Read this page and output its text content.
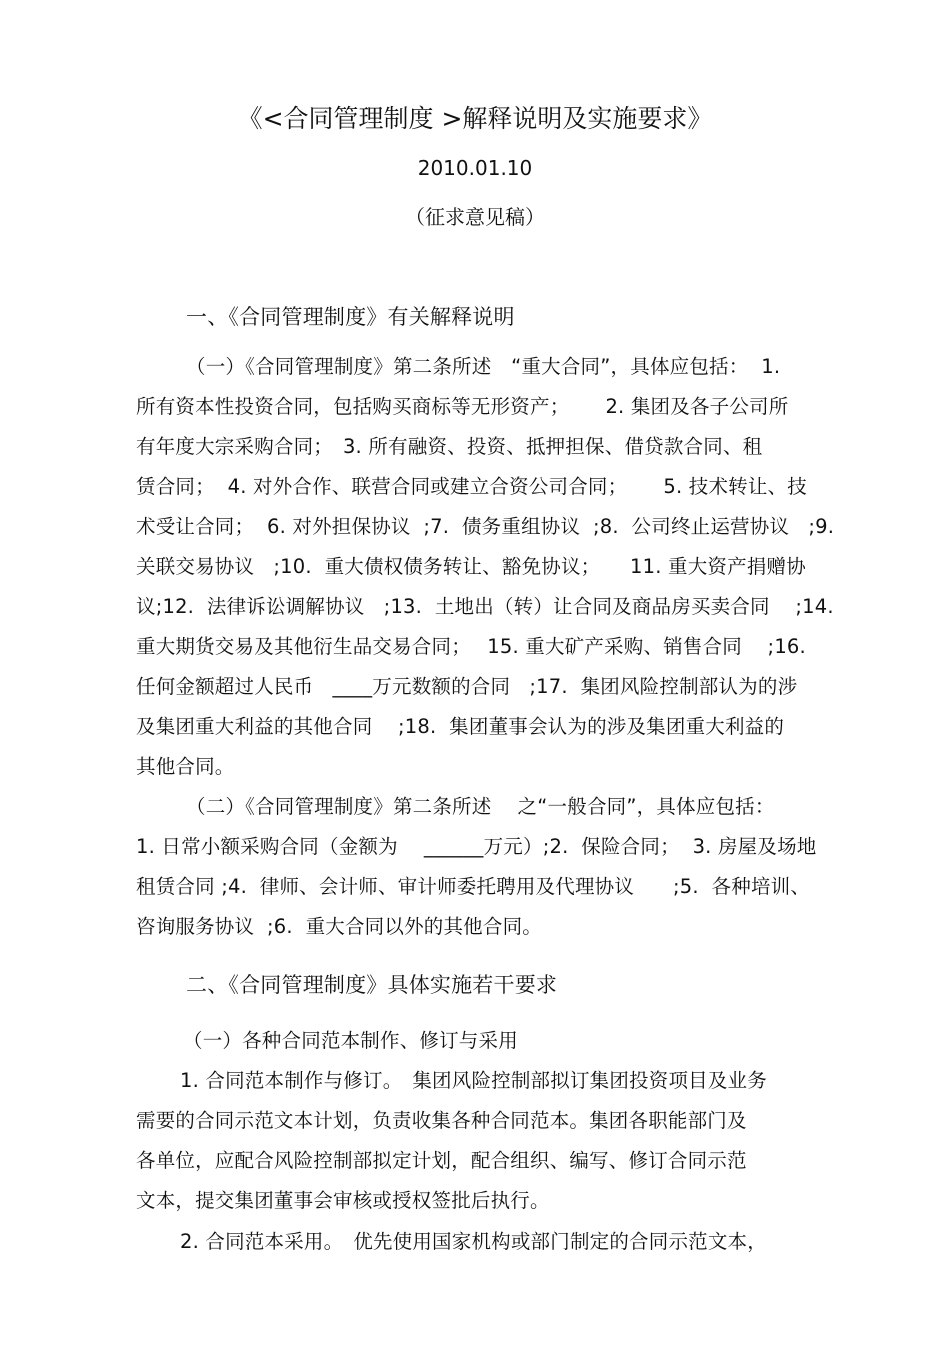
《<合同管理制度 >解释说明及实施要求》
2010.01.10
（征求意见稿）
一、《合同管理制度》有关解释说明
（一）《合同管理制度》第二条所述　“重大合同”，具体应包括：  1.
所有资本性投资合同，包括购买商标等无形资产；　　 2. 集团及各子公司所
有年度大宗采购合同；　3. 所有融资、投资、抵押担保、借贷款合同、租
赁合同；  4. 对外合作、联营合同或建立合资公司合同；　　 5. 技术转让、技
术受让合同；  6. 对外担保协议  ;7.  债务重组协议  ;8.  公司终止运营协议   ;9.
关联交易协议   ;10.  重大债权债务转让、豁免协议；　　11. 重大资产捐赠协
议;12.  法律诉讼调解协议   ;13.  土地出（转）让合同及商品房买卖合同    ;14.
重大期货交易及其他衍生品交易合同；　 15. 重大矿产采购、销售合同    ;16.
任何金额超过人民币   ____万元数额的合同   ;17.  集团风险控制部认为的涉
及集团重大利益的其他合同    ;18.  集团董事会认为的涉及集团重大利益的
其他合同。
（二）《合同管理制度》第二条所述　 之“一般合同”，具体应包括：
1. 日常小额采购合同（金额为　 ______万元）;2.  保险合同；  3. 房屋及场地
租赁合同 ;4.  律师、会计师、审计师委托聘用及代理协议　   ;5.  各种培训、
咨询服务协议  ;6.  重大合同以外的其他合同。
二、《合同管理制度》具体实施若干要求
（一）各种合同范本制作、修订与采用
1. 合同范本制作与修订。　集团风险控制部拟订集团投资项目及业务
需要的合同示范文本计划，负责收集各种合同范本。集团各职能部门及
各单位，应配合风险控制部拟定计划，配合组织、编写、修订合同示范
文本，提交集团董事会审核或授权签批后执行。
2. 合同范本采用。　优先使用国家机构或部门制定的合同示范文本，
